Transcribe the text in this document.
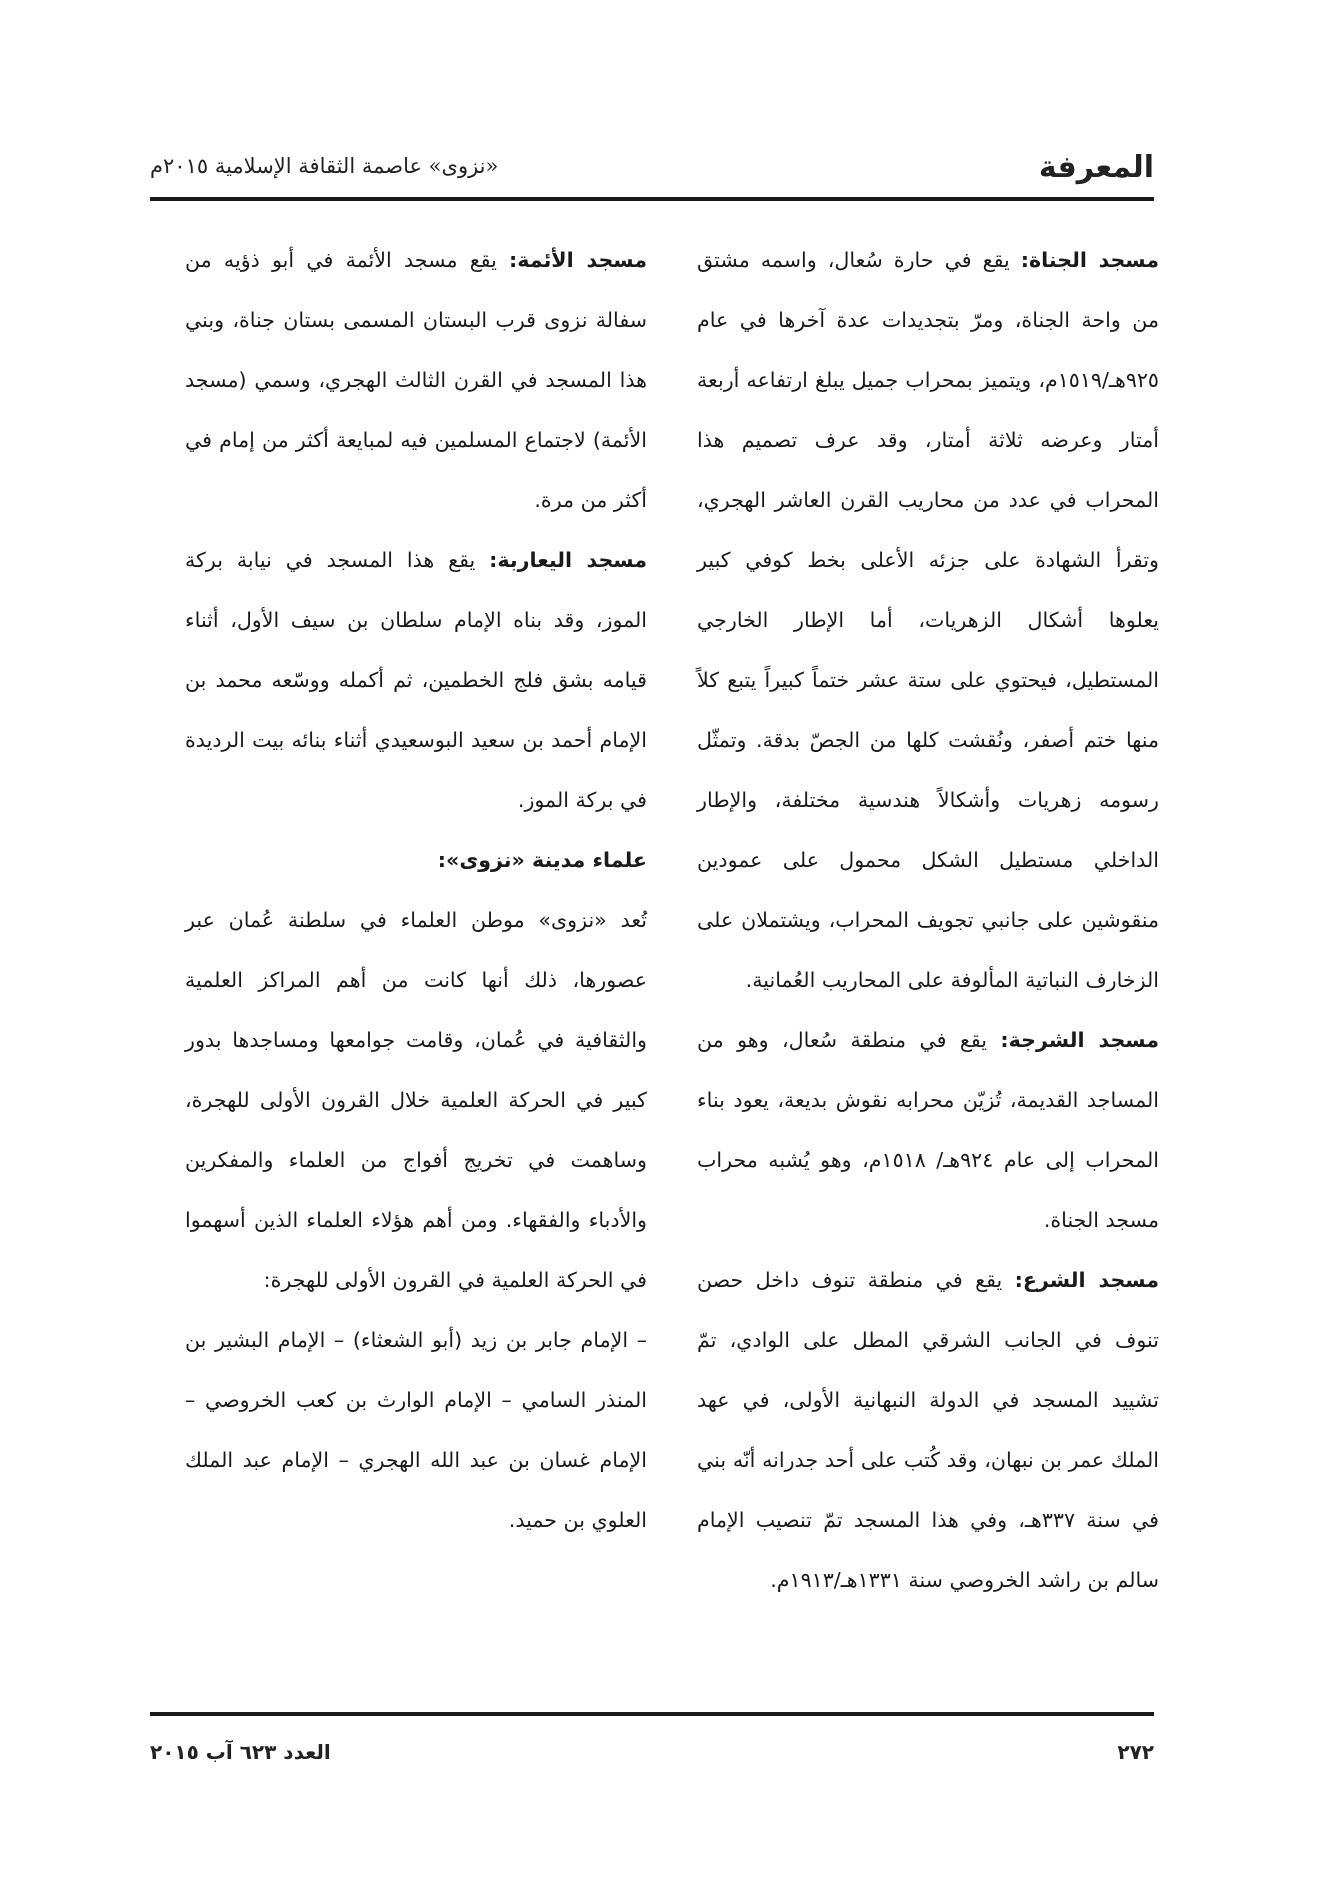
المعرفة
«نزوى» عاصمة الثقافة الإسلامية ٢٠١٥م

مسجد الجناة: يقع في حارة سُعال، واسمه مشتق من واحة الجناة، ومرّ بتجديدات عدة آخرها في عام ٩٢٥هـ/١٥١٩م، ويتميز بمحراب جميل يبلغ ارتفاعه أربعة أمتار وعرضه ثلاثة أمتار، وقد عرف تصميم هذا المحراب في عدد من محاريب القرن العاشر الهجري، وتقرأ الشهادة على جزئه الأعلى بخط كوفي كبير يعلوها أشكال الزهريات، أما الإطار الخارجي المستطيل، فيحتوي على ستة عشر ختماً كبيراً يتبع كلاً منها ختم أصفر، ونُقشت كلها من الجصّ بدقة. وتمثّل رسومه زهريات وأشكالاً هندسية مختلفة، والإطار الداخلي مستطيل الشكل محمول على عمودين منقوشين على جانبي تجويف المحراب، ويشتملان على الزخارف النباتية المألوفة على المحاريب العُمانية.

مسجد الشرجة: يقع في منطقة سُعال، وهو من المساجد القديمة، تُزيّن محرابه نقوش بديعة، يعود بناء المحراب إلى عام ٩٢٤هـ/ ١٥١٨م، وهو يُشبه محراب مسجد الجناة.

مسجد الشرع: يقع في منطقة تنوف داخل حصن تنوف في الجانب الشرقي المطل على الوادي، تمّ تشييد المسجد في الدولة النبهانية الأولى، في عهد الملك عمر بن نبهان، وقد كُتب على أحد جدرانه أنّه بني في سنة ٣٣٧هـ، وفي هذا المسجد تمّ تنصيب الإمام سالم بن راشد الخروصي سنة ١٣٣١هـ/١٩١٣م.

مسجد الأئمة: يقع مسجد الأئمة في أبو ذؤيه من سفالة نزوى قرب البستان المسمى بستان جناة، وبني هذا المسجد في القرن الثالث الهجري، وسمي (مسجد الأئمة) لاجتماع المسلمين فيه لمبايعة أكثر من إمام في أكثر من مرة.

مسجد اليعاربة: يقع هذا المسجد في نيابة بركة الموز، وقد بناه الإمام سلطان بن سيف الأول، أثناء قيامه بشق فلج الخطمين، ثم أكمله ووسّعه محمد بن الإمام أحمد بن سعيد البوسعيدي أثناء بنائه بيت الرديدة في بركة الموز.

علماء مدينة «نزوى»:

تُعد «نزوى» موطن العلماء في سلطنة عُمان عبر عصورها، ذلك أنها كانت من أهم المراكز العلمية والثقافية في عُمان، وقامت جوامعها ومساجدها بدور كبير في الحركة العلمية خلال القرون الأولى للهجرة، وساهمت في تخريج أفواج من العلماء والمفكرين والأدباء والفقهاء. ومن أهم هؤلاء العلماء الذين أسهموا في الحركة العلمية في القرون الأولى للهجرة:

– الإمام جابر بن زيد (أبو الشعثاء) – الإمام البشير بن المنذر السامي – الإمام الوارث بن كعب الخروصي – الإمام غسان بن عبد الله الهجري – الإمام عبد الملك العلوي بن حميد.

٢٧٢
العدد ٦٢٣ آب ٢٠١٥
